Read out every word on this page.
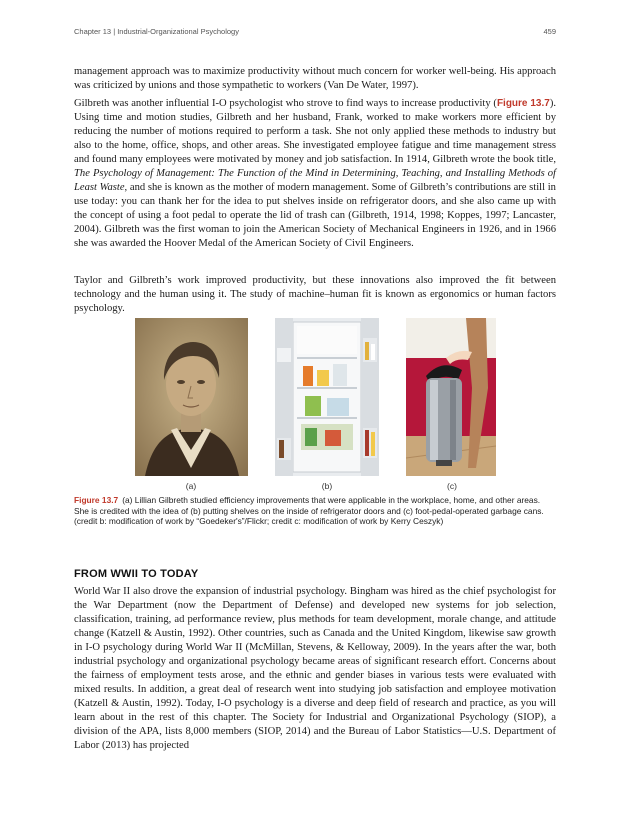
Chapter 13 | Industrial-Organizational Psychology	459

management approach was to maximize productivity without much concern for worker well-being. His approach was criticized by unions and those sympathetic to workers (Van De Water, 1997).

Gilbreth was another influential I-O psychologist who strove to find ways to increase productivity (Figure 13.7). Using time and motion studies, Gilbreth and her husband, Frank, worked to make workers more efficient by reducing the number of motions required to perform a task. She not only applied these methods to industry but also to the home, office, shops, and other areas. She investigated employee fatigue and time management stress and found many employees were motivated by money and job satisfaction. In 1914, Gilbreth wrote the book title, The Psychology of Management: The Function of the Mind in Determining, Teaching, and Installing Methods of Least Waste, and she is known as the mother of modern management. Some of Gilbreth’s contributions are still in use today: you can thank her for the idea to put shelves inside on refrigerator doors, and she also came up with the concept of using a foot pedal to operate the lid of trash can (Gilbreth, 1914, 1998; Koppes, 1997; Lancaster, 2004). Gilbreth was the first woman to join the American Society of Mechanical Engineers in 1926, and in 1966 she was awarded the Hoover Medal of the American Society of Civil Engineers.

Taylor and Gilbreth’s work improved productivity, but these innovations also improved the fit between technology and the human using it. The study of machine–human fit is known as ergonomics or human factors psychology.

(a)	(b)	(c)

Figure 13.7 (a) Lillian Gilbreth studied efficiency improvements that were applicable in the workplace, home, and other areas. She is credited with the idea of (b) putting shelves on the inside of refrigerator doors and (c) foot-pedal-operated garbage cans. (credit b: modification of work by “Goedeker's”/Flickr; credit c: modification of work by Kerry Ceszyk)

FROM WWII TO TODAY

World War II also drove the expansion of industrial psychology. Bingham was hired as the chief psychologist for the War Department (now the Department of Defense) and developed new systems for job selection, classification, training, ad performance review, plus methods for team development, morale change, and attitude change (Katzell & Austin, 1992). Other countries, such as Canada and the United Kingdom, likewise saw growth in I-O psychology during World War II (McMillan, Stevens, & Kelloway, 2009). In the years after the war, both industrial psychology and organizational psychology became areas of significant research effort. Concerns about the fairness of employment tests arose, and the ethnic and gender biases in various tests were evaluated with mixed results. In addition, a great deal of research went into studying job satisfaction and employee motivation (Katzell & Austin, 1992). Today, I-O psychology is a diverse and deep field of research and practice, as you will learn about in the rest of this chapter. The Society for Industrial and Organizational Psychology (SIOP), a division of the APA, lists 8,000 members (SIOP, 2014) and the Bureau of Labor Statistics—U.S. Department of Labor (2013) has projected
